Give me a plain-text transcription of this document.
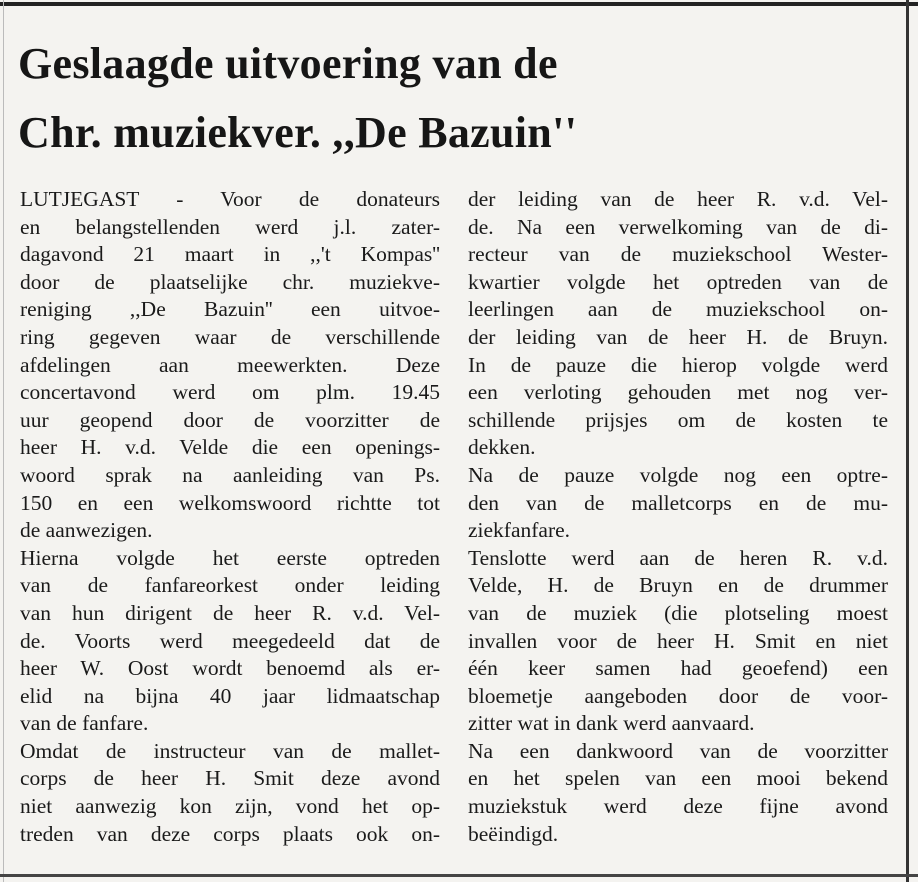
Geslaagde uitvoering van de
Chr. muziekver. ,,De Bazuin''
LUTJEGAST - Voor de donateurs
en belangstellenden werd j.l. zater-
dagavond 21 maart in ,,'t Kompas''
door de plaatselijke chr. muziekve-
reniging ,,De Bazuin'' een uitvoe-
ring gegeven waar de verschillende
afdelingen aan meewerkten. Deze
concertavond werd om plm. 19.45
uur geopend door de voorzitter de
heer H. v.d. Velde die een openings-
woord sprak na aanleiding van Ps.
150 en een welkomswoord richtte tot
de aanwezigen.
Hierna volgde het eerste optreden
van de fanfareorkest onder leiding
van hun dirigent de heer R. v.d. Vel-
de. Voorts werd meegedeeld dat de
heer W. Oost wordt benoemd als er-
elid na bijna 40 jaar lidmaatschap
van de fanfare.
Omdat de instructeur van de mallet-
corps de heer H. Smit deze avond
niet aanwezig kon zijn, vond het op-
treden van deze corps plaats ook on-
der leiding van de heer R. v.d. Vel-
de. Na een verwelkoming van de di-
recteur van de muziekschool Wester-
kwartier volgde het optreden van de
leerlingen aan de muziekschool on-
der leiding van de heer H. de Bruyn.
In de pauze die hierop volgde werd
een verloting gehouden met nog ver-
schillende prijsjes om de kosten te
dekken.
Na de pauze volgde nog een optre-
den van de malletcorps en de mu-
ziekfanfare.
Tenslotte werd aan de heren R. v.d.
Velde, H. de Bruyn en de drummer
van de muziek (die plotseling moest
invallen voor de heer H. Smit en niet
één keer samen had geoefend) een
bloemetje aangeboden door de voor-
zitter wat in dank werd aanvaard.
Na een dankwoord van de voorzitter
en het spelen van een mooi bekend
muziekstuk werd deze fijne avond
beëindigd.
